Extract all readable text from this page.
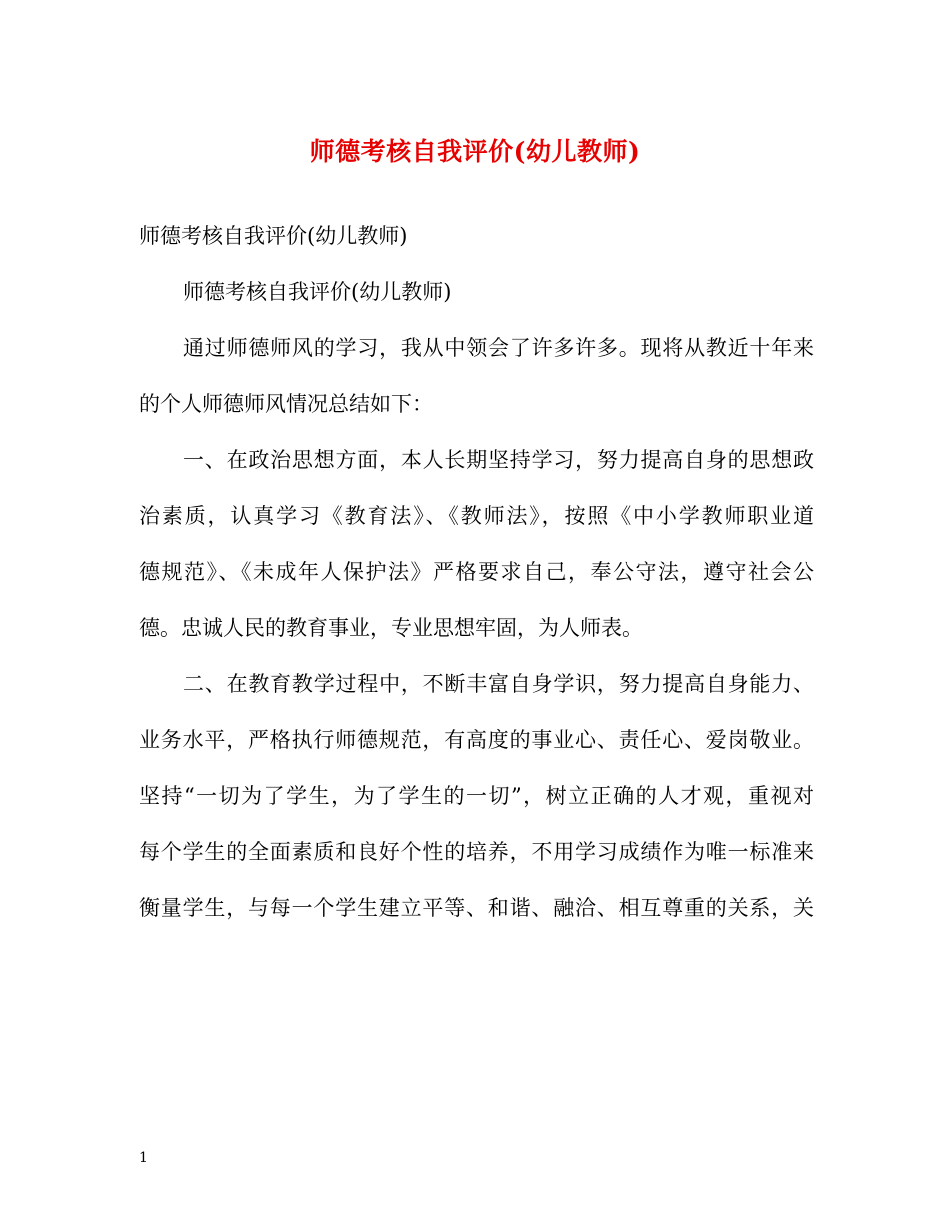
师德考核自我评价(幼儿教师)
师德考核自我评价(幼儿教师)
师德考核自我评价(幼儿教师)
通过师德师风的学习，我从中领会了许多许多。现将从教近十年来
的个人师德师风情况总结如下：
一、在政治思想方面，本人长期坚持学习，努力提高自身的思想政
治素质，认真学习《教育法》、《教师法》，按照《中小学教师职业道
德规范》、《未成年人保护法》严格要求自己，奉公守法，遵守社会公
德。忠诚人民的教育事业，专业思想牢固，为人师表。
二、在教育教学过程中，不断丰富自身学识，努力提高自身能力、
业务水平，严格执行师德规范，有高度的事业心、责任心、爱岗敬业。
坚持“一切为了学生，为了学生的一切”，树立正确的人才观，重视对
每个学生的全面素质和良好个性的培养，不用学习成绩作为唯一标准来
衡量学生，与每一个学生建立平等、和谐、融洽、相互尊重的关系，关
1
